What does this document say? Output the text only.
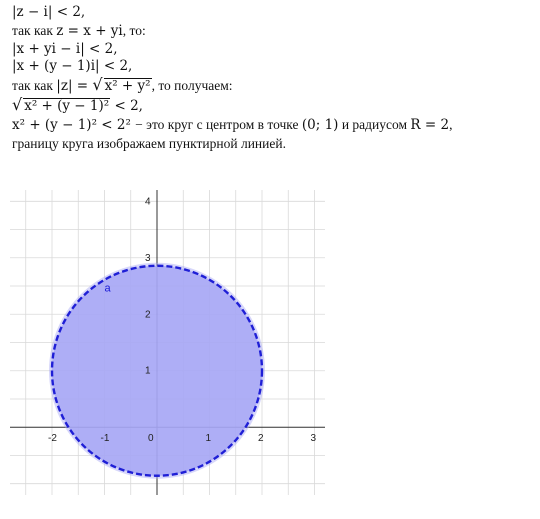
|z − i| < 2,
так как z = x + yi, то:
|x + yi − i| < 2,
|x + (y − 1)i| < 2,
так как |z| = √ x² + y², то получаем:
√ x² + (y − 1)² < 2,
x² + (y − 1)² < 2² − это круг с центром в точке (0; 1) и радиусом R = 2,
границу круга изображаем пунктирной линией.
-2	-1	0	1	2	3
1
2
3
4
a
